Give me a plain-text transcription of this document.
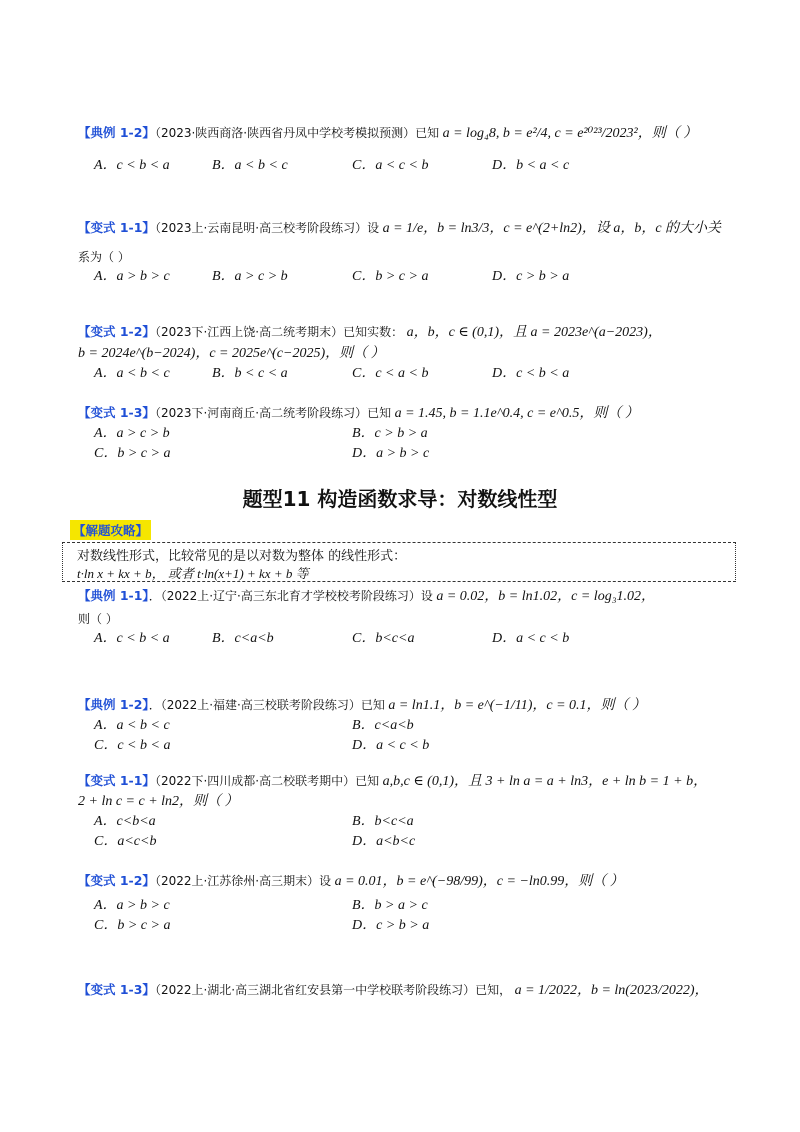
【典例 1-2】（2023·陕西商洛·陕西省丹凤中学校考模拟预测）已知 a = log₄8, b = e²/4, c = e²⁰²³/2023²，则（ ）
A．c < b < a	B．a < b < c	C．a < c < b	D．b < a < c
【变式 1-1】（2023上·云南昆明·高三校考阶段练习）设 a = 1/e，b = ln3/3，c = e^(2+ln2)，设 a，b，c 的大小关
系为（ ）
A．a > b > c	B．a > c > b	C．b > c > a	D．c > b > a
【变式 1-2】（2023下·江西上饶·高二统考期末）已知实数： a，b，c ∈ (0,1)，且 a = 2023e^(a−2023)，
b = 2024e^(b−2024)，c = 2025e^(c−2025)，则（ ）
A．a < b < c	B．b < c < a	C．c < a < b	D．c < b < a
【变式 1-3】（2023下·河南商丘·高二统考阶段练习）已知 a = 1.45, b = 1.1e^0.4, c = e^0.5，则（ ）
A．a > c > b	B．c > b > a
C．b > c > a	D．a > b > c
题型11 构造函数求导：对数线性型
【解题攻略】
对数线性形式，比较常见的是以对数为整体 的线性形式：
t·ln x + kx + b， 或者 t·ln(x+1) + kx + b 等
【典例 1-1】．（2022上·辽宁·高三东北育才学校校考阶段练习）设 a = 0.02，b = ln1.02，c = log₃1.02，
则（ ）
A．c < b < a	B．c<a<b	C．b<c<a	D．a < c < b
【典例 1-2】．（2022上·福建·高三校联考阶段练习）已知 a = ln1.1，b = e^(−1/11)，c = 0.1，则（ ）
A．a < b < c	B．c<a<b
C．c < b < a	D．a < c < b
【变式 1-1】（2022下·四川成都·高二校联考期中）已知 a,b,c ∈ (0,1)，且 3 + ln a = a + ln3，e + ln b = 1 + b，
2 + ln c = c + ln2，则（ ）
A．c<b<a	B．b<c<a
C．a<c<b	D．a<b<c
【变式 1-2】（2022上·江苏徐州·高三期末）设 a = 0.01，b = e^(−98/99)，c = −ln0.99，则（ ）
A．a > b > c	B．b > a > c
C．b > c > a	D．c > b > a
【变式 1-3】（2022上·湖北·高三湖北省红安县第一中学校联考阶段练习）已知， a = 1/2022，b = ln(2023/2022)，
